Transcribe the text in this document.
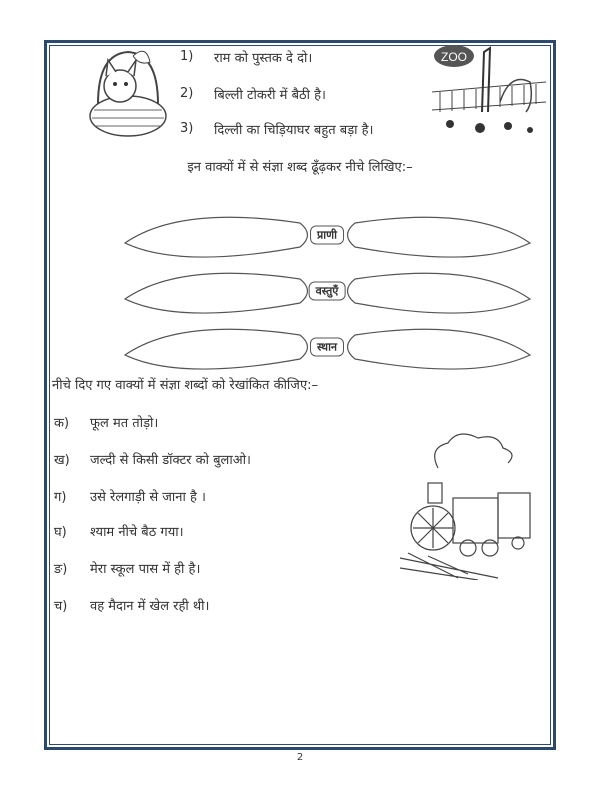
ZOO
1) राम को पुस्तक दे दो।
2) बिल्ली टोकरी में बैठी है।
3) दिल्ली का चिड़ियाघर बहुत बड़ा है।
इन वाक्यों में से संज्ञा शब्द ढूँढ़कर नीचे लिखिए:–
प्राणी
वस्तुएँ
स्थान
नीचे दिए गए वाक्यों में संज्ञा शब्दों को रेखांकित कीजिए:–
क) फूल मत तोड़ो।
ख) जल्दी से किसी डॉक्टर को बुलाओ।
ग) उसे रेलगाड़ी से जाना है ।
घ) श्याम नीचे बैठ गया।
ङ) मेरा स्कूल पास में ही है।
च) वह मैदान में खेल रही थी।
2
